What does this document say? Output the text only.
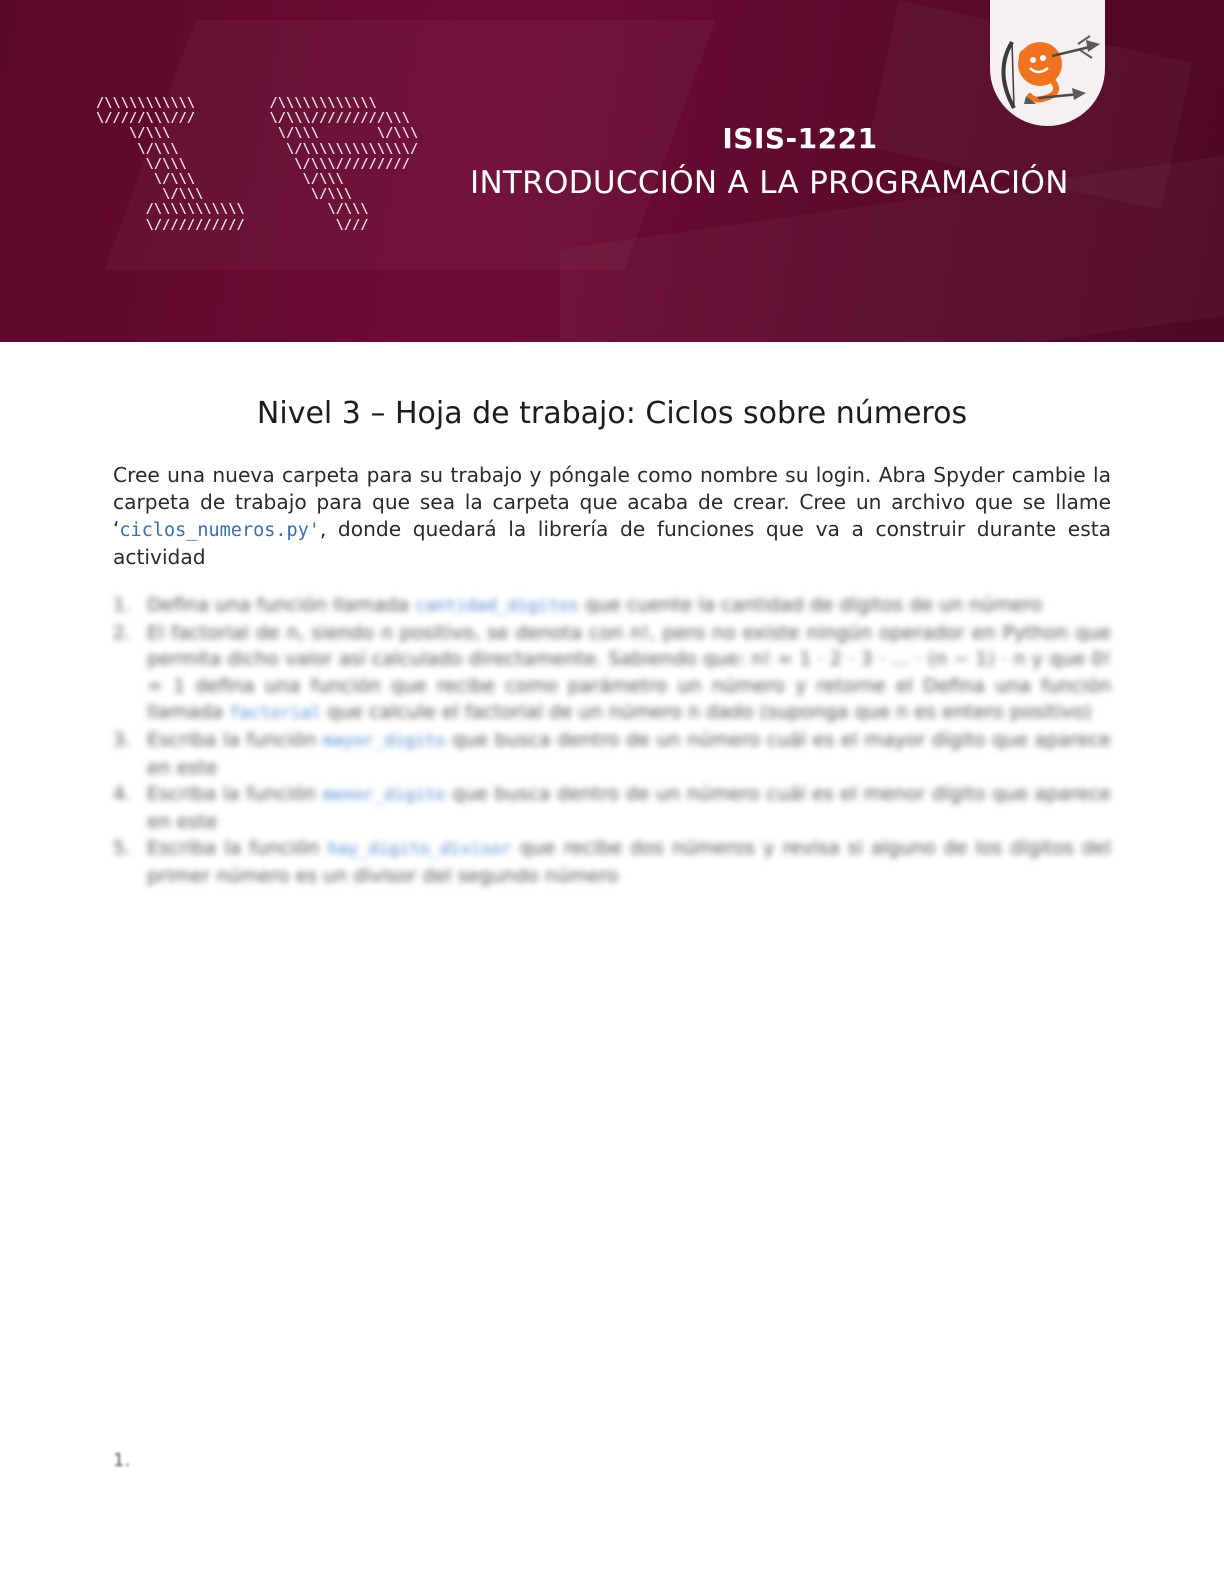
/\\\\\\\\\\\         /\\\\\\\\\\\\
\/////\\\///         \/\\\/////////\\\
\/\\\             \/\\\       \/\\\
\/\\\             \/\\\\\\\\\\\\\/
\/\\\             \/\\\/////////
\/\\\             \/\\\
\/\\\             \/\\\
/\\\\\\\\\\\          \/\\\
\///////////           \///
ISIS-1221
INTRODUCCIÓN A LA PROGRAMACIÓN
Nivel 3 – Hoja de trabajo: Ciclos sobre números

Cree una nueva carpeta para su trabajo y póngale como nombre su login. Abra Spyder cambie la carpeta de trabajo para que sea la carpeta que acaba de crear. Cree un archivo que se llame ‘ciclos_numeros.py', donde quedará la librería de funciones que va a construir durante esta actividad

1. Defina una función llamada cantidad_digitos que cuente la cantidad de dígitos de un número
2. El factorial de n, siendo n positivo, se denota con n!, pero no existe ningún operador en Python que permita dicho valor así calculado directamente. Sabiendo que: n! = 1 · 2 · 3 · ... · (n − 1) · n y que 0! = 1 defina una función que recibe como parámetro un número y retorne el Defina una función llamada factorial que calcule el factorial de un número n dado (suponga que n es entero positivo)
3. Escriba la función mayor_digito que busca dentro de un número cuál es el mayor dígito que aparece en este
4. Escriba la función menor_digito que busca dentro de un número cuál es el menor dígito que aparece en este
5. Escriba la función hay_digito_divisor que recibe dos números y revisa si alguno de los dígitos del primer número es un divisor del segundo número
1.
